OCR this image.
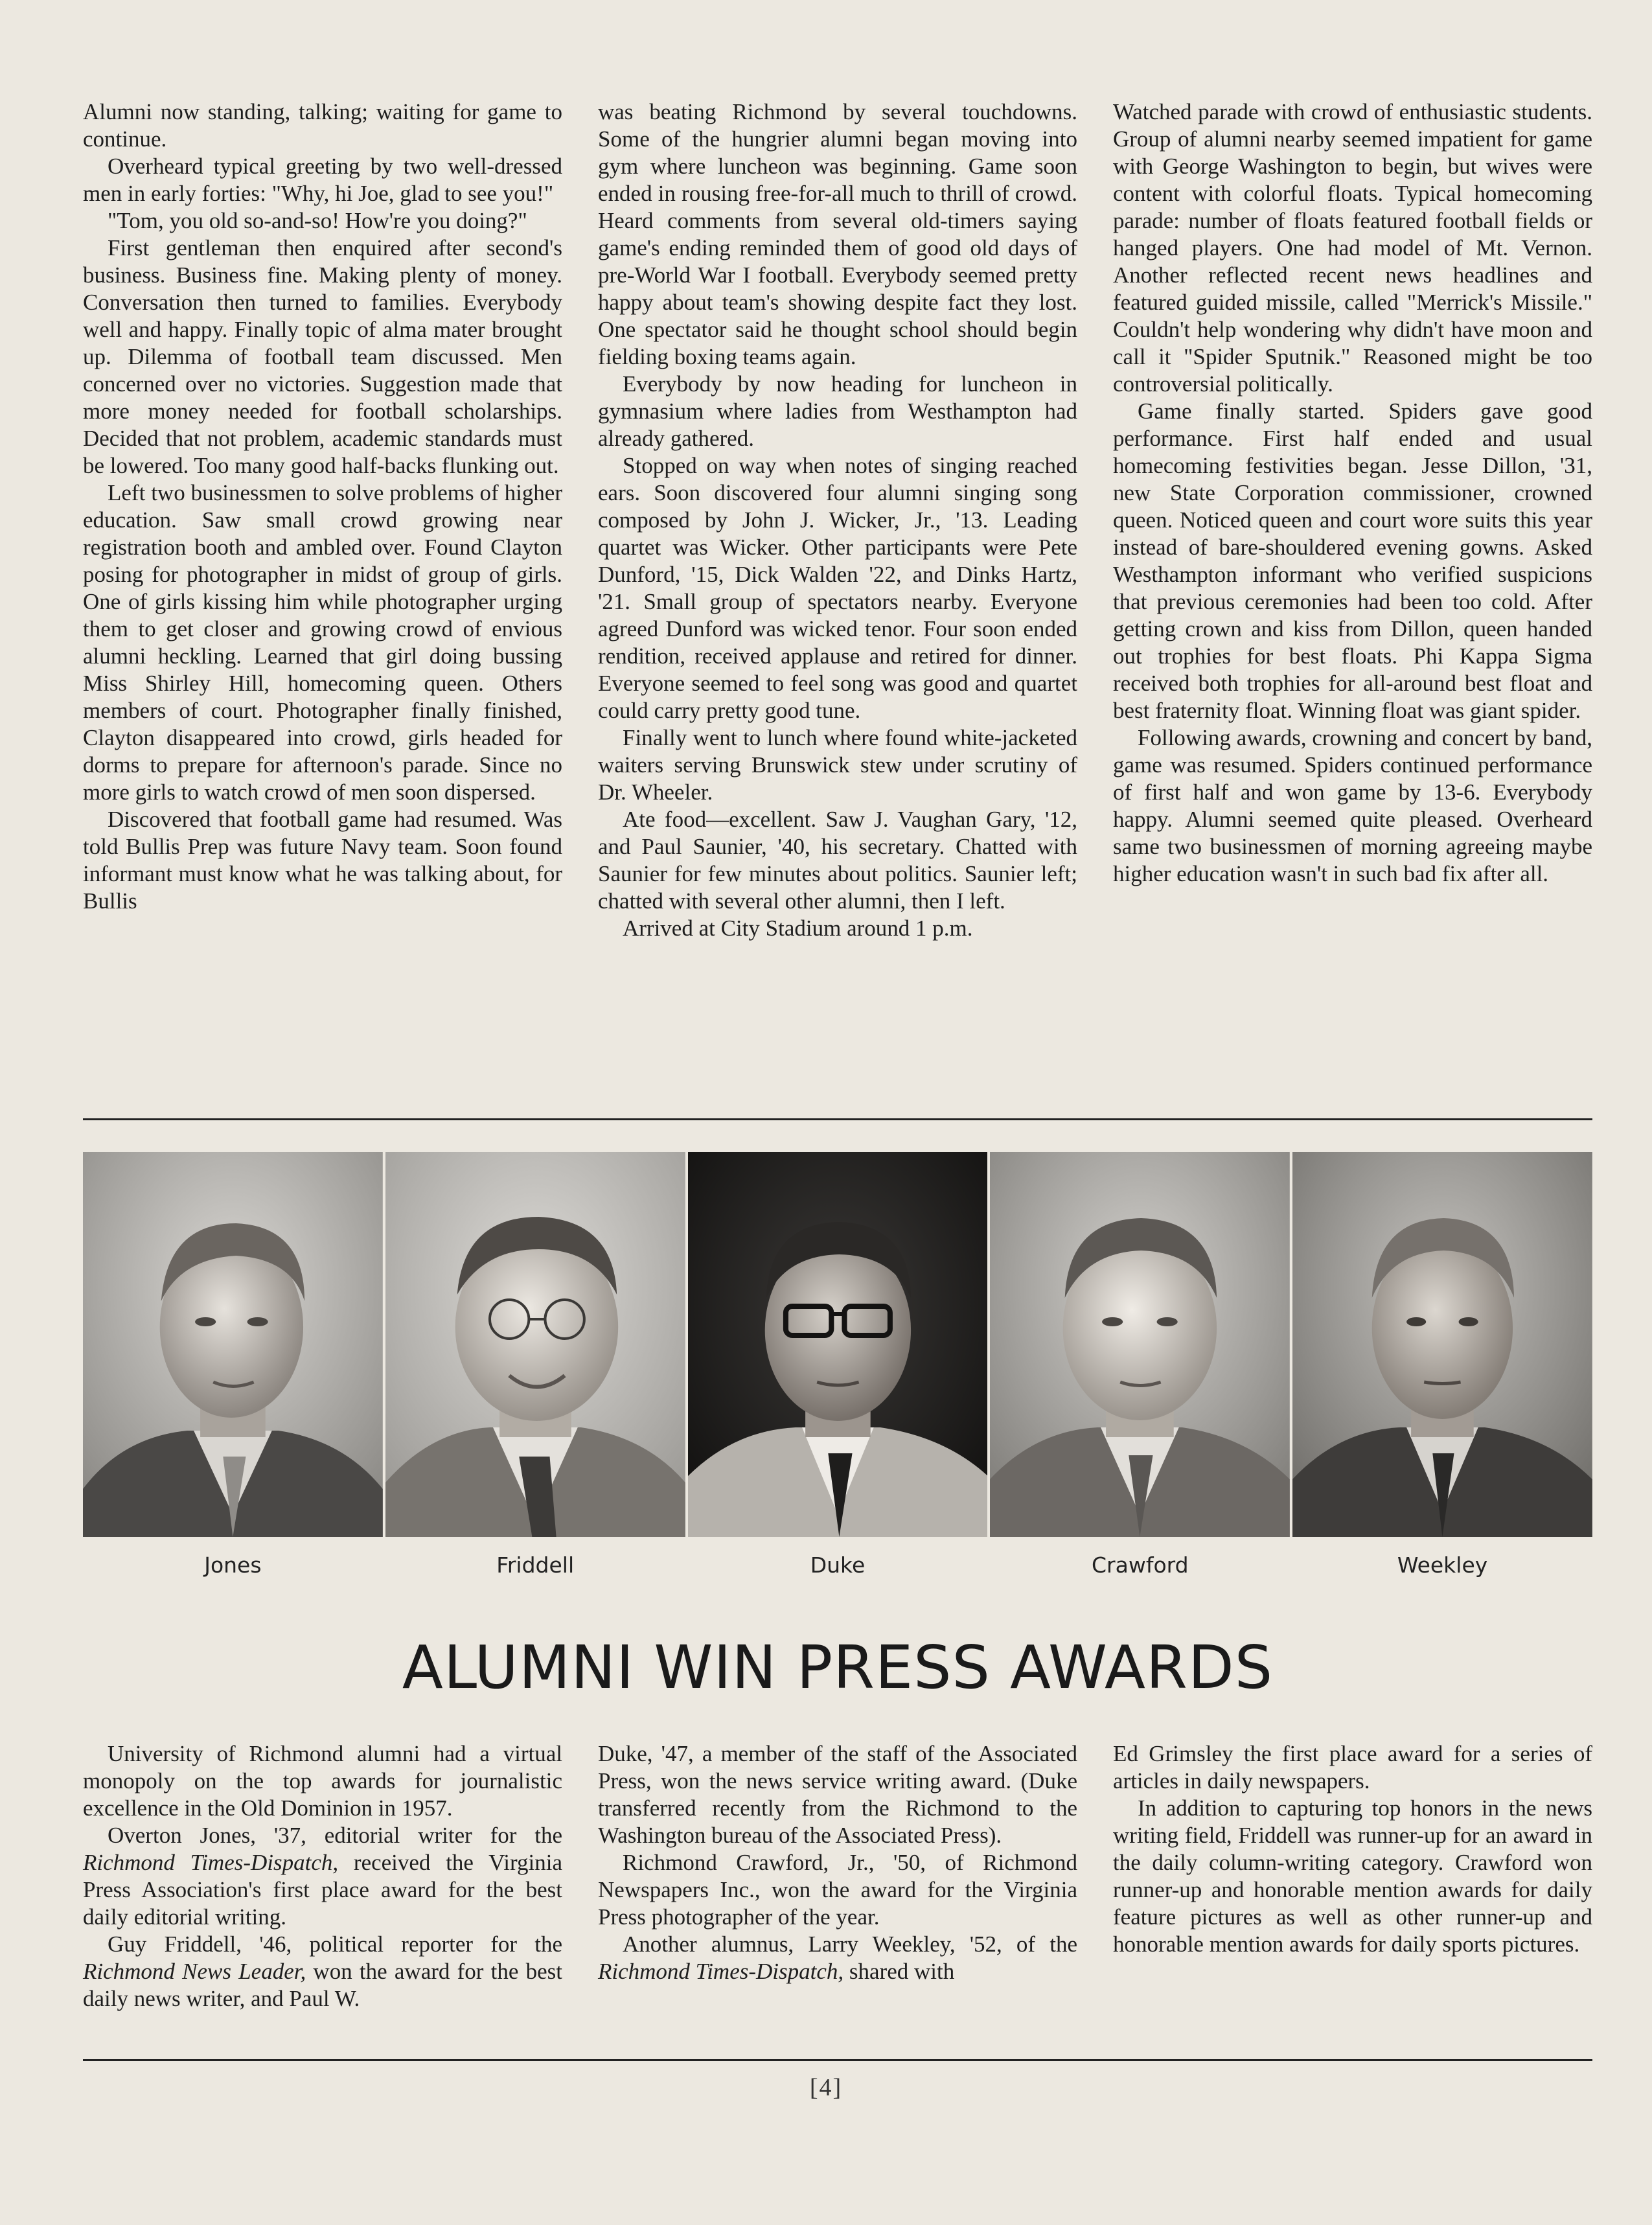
Alumni now standing, talking; waiting for game to continue.

Overheard typical greeting by two well-dressed men in early forties: "Why, hi Joe, glad to see you!"

"Tom, you old so-and-so! How're you doing?"

First gentleman then enquired after second's business. Business fine. Making plenty of money. Conversation then turned to families. Everybody well and happy. Finally topic of alma mater brought up. Dilemma of football team discussed. Men concerned over no victories. Suggestion made that more money needed for football scholarships. Decided that not problem, academic standards must be lowered. Too many good half-backs flunking out.

Left two businessmen to solve problems of higher education. Saw small crowd growing near registration booth and ambled over. Found Clayton posing for photographer in midst of group of girls. One of girls kissing him while photographer urging them to get closer and growing crowd of envious alumni heckling. Learned that girl doing bussing Miss Shirley Hill, homecoming queen. Others members of court. Photographer finally finished, Clayton disappeared into crowd, girls headed for dorms to prepare for afternoon's parade. Since no more girls to watch crowd of men soon dispersed.

Discovered that football game had resumed. Was told Bullis Prep was future Navy team. Soon found informant must know what he was talking about, for Bullis

was beating Richmond by several touchdowns. Some of the hungrier alumni began moving into gym where luncheon was beginning. Game soon ended in rousing free-for-all much to thrill of crowd. Heard comments from several old-timers saying game's ending reminded them of good old days of pre-World War I football. Everybody seemed pretty happy about team's showing despite fact they lost. One spectator said he thought school should begin fielding boxing teams again.

Everybody by now heading for luncheon in gymnasium where ladies from Westhampton had already gathered.

Stopped on way when notes of singing reached ears. Soon discovered four alumni singing song composed by John J. Wicker, Jr., '13. Leading quartet was Wicker. Other participants were Pete Dunford, '15, Dick Walden '22, and Dinks Hartz, '21. Small group of spectators nearby. Everyone agreed Dunford was wicked tenor. Four soon ended rendition, received applause and retired for dinner. Everyone seemed to feel song was good and quartet could carry pretty good tune.

Finally went to lunch where found white-jacketed waiters serving Brunswick stew under scrutiny of Dr. Wheeler.

Ate food—excellent. Saw J. Vaughan Gary, '12, and Paul Saunier, '40, his secretary. Chatted with Saunier for few minutes about politics. Saunier left; chatted with several other alumni, then I left.

Arrived at City Stadium around 1 p.m.

Watched parade with crowd of enthusiastic students. Group of alumni nearby seemed impatient for game with George Washington to begin, but wives were content with colorful floats. Typical homecoming parade: number of floats featured football fields or hanged players. One had model of Mt. Vernon. Another reflected recent news headlines and featured guided missile, called "Merrick's Missile." Couldn't help wondering why didn't have moon and call it "Spider Sputnik." Reasoned might be too controversial politically.

Game finally started. Spiders gave good performance. First half ended and usual homecoming festivities began. Jesse Dillon, '31, new State Corporation commissioner, crowned queen. Noticed queen and court wore suits this year instead of bare-shouldered evening gowns. Asked Westhampton informant who verified suspicions that previous ceremonies had been too cold. After getting crown and kiss from Dillon, queen handed out trophies for best floats. Phi Kappa Sigma received both trophies for all-around best float and best fraternity float. Winning float was giant spider.

Following awards, crowning and concert by band, game was resumed. Spiders continued performance of first half and won game by 13-6. Everybody happy. Alumni seemed quite pleased. Overheard same two businessmen of morning agreeing maybe higher education wasn't in such bad fix after all.

Jones	Friddell	Duke	Crawford	Weekley
ALUMNI WIN PRESS AWARDS

University of Richmond alumni had a virtual monopoly on the top awards for journalistic excellence in the Old Dominion in 1957.

Overton Jones, '37, editorial writer for the Richmond Times-Dispatch, received the Virginia Press Association's first place award for the best daily editorial writing.

Guy Friddell, '46, political reporter for the Richmond News Leader, won the award for the best daily news writer, and Paul W.

Duke, '47, a member of the staff of the Associated Press, won the news service writing award. (Duke transferred recently from the Richmond to the Washington bureau of the Associated Press).

Richmond Crawford, Jr., '50, of Richmond Newspapers Inc., won the award for the Virginia Press photographer of the year.

Another alumnus, Larry Weekley, '52, of the Richmond Times-Dispatch, shared with

Ed Grimsley the first place award for a series of articles in daily newspapers.

In addition to capturing top honors in the news writing field, Friddell was runner-up for an award in the daily column-writing category. Crawford won runner-up and honorable mention awards for daily feature pictures as well as other runner-up and honorable mention awards for daily sports pictures.

[4]
